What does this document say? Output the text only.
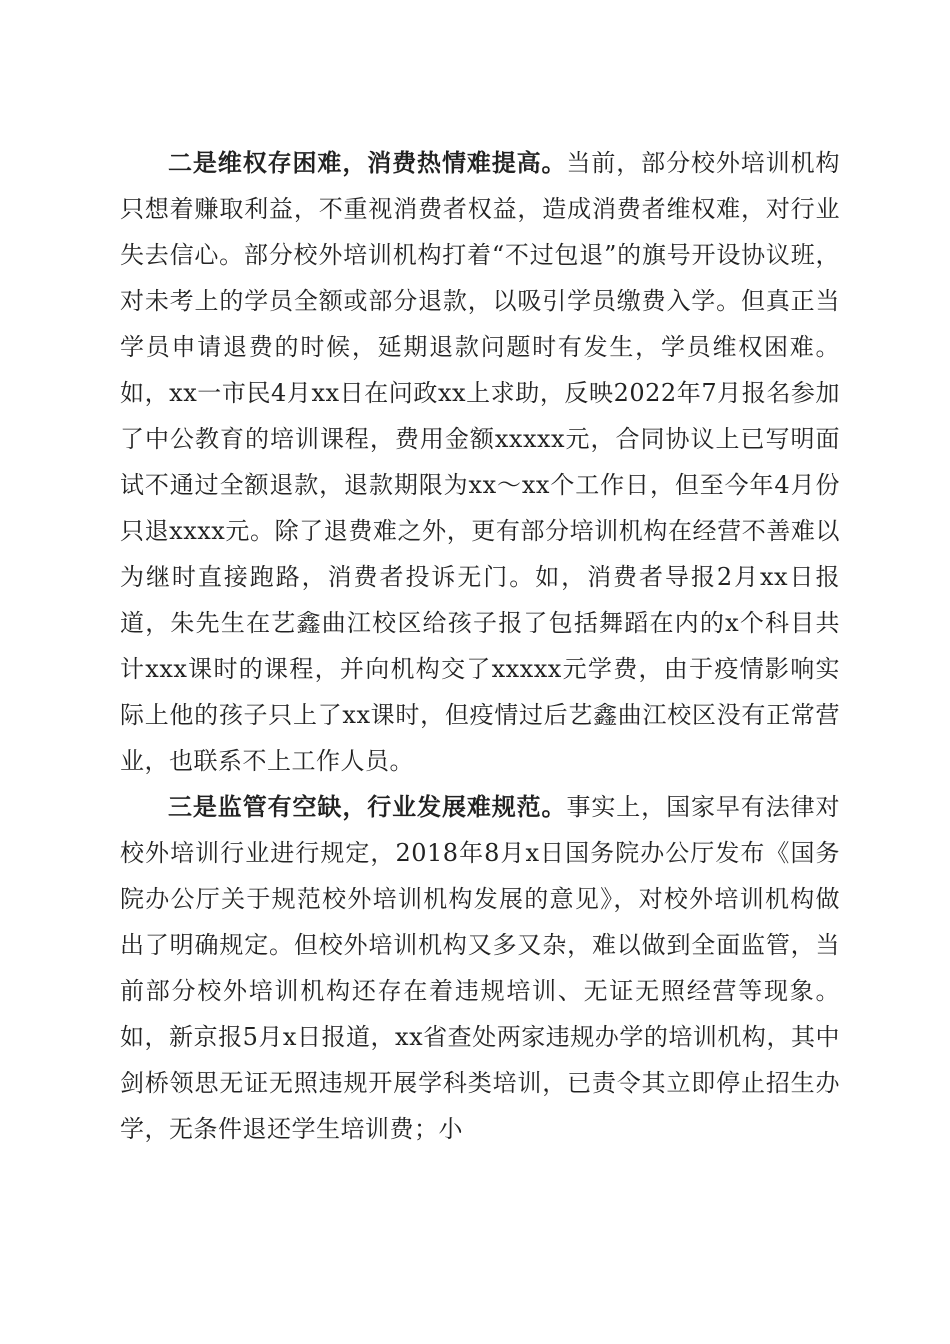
二是维权存困难，消费热情难提高。当前，部分校外培训机构只想着赚取利益，不重视消费者权益，造成消费者维权难，对行业失去信心。部分校外培训机构打着“不过包退”的旗号开设协议班，对未考上的学员全额或部分退款，以吸引学员缴费入学。但真正当学员申请退费的时候，延期退款问题时有发生，学员维权困难。如，xx一市民4月xx日在问政xx上求助，反映2022年7月报名参加了中公教育的培训课程，费用金额xxxxx元，合同协议上已写明面试不通过全额退款，退款期限为xx～xx个工作日，但至今年4月份只退xxxx元。除了退费难之外，更有部分培训机构在经营不善难以为继时直接跑路，消费者投诉无门。如，消费者导报2月xx日报道，朱先生在艺鑫曲江校区给孩子报了包括舞蹈在内的x个科目共计xxx课时的课程，并向机构交了xxxxx元学费，由于疫情影响实际上他的孩子只上了xx课时，但疫情过后艺鑫曲江校区没有正常营业，也联系不上工作人员。

三是监管有空缺，行业发展难规范。事实上，国家早有法律对校外培训行业进行规定，2018年8月x日国务院办公厅发布《国务院办公厅关于规范校外培训机构发展的意见》，对校外培训机构做出了明确规定。但校外培训机构又多又杂，难以做到全面监管，当前部分校外培训机构还存在着违规培训、无证无照经营等现象。如，新京报5月x日报道，xx省查处两家违规办学的培训机构，其中剑桥领思无证无照违规开展学科类培训，已责令其立即停止招生办学，无条件退还学生培训费；小
